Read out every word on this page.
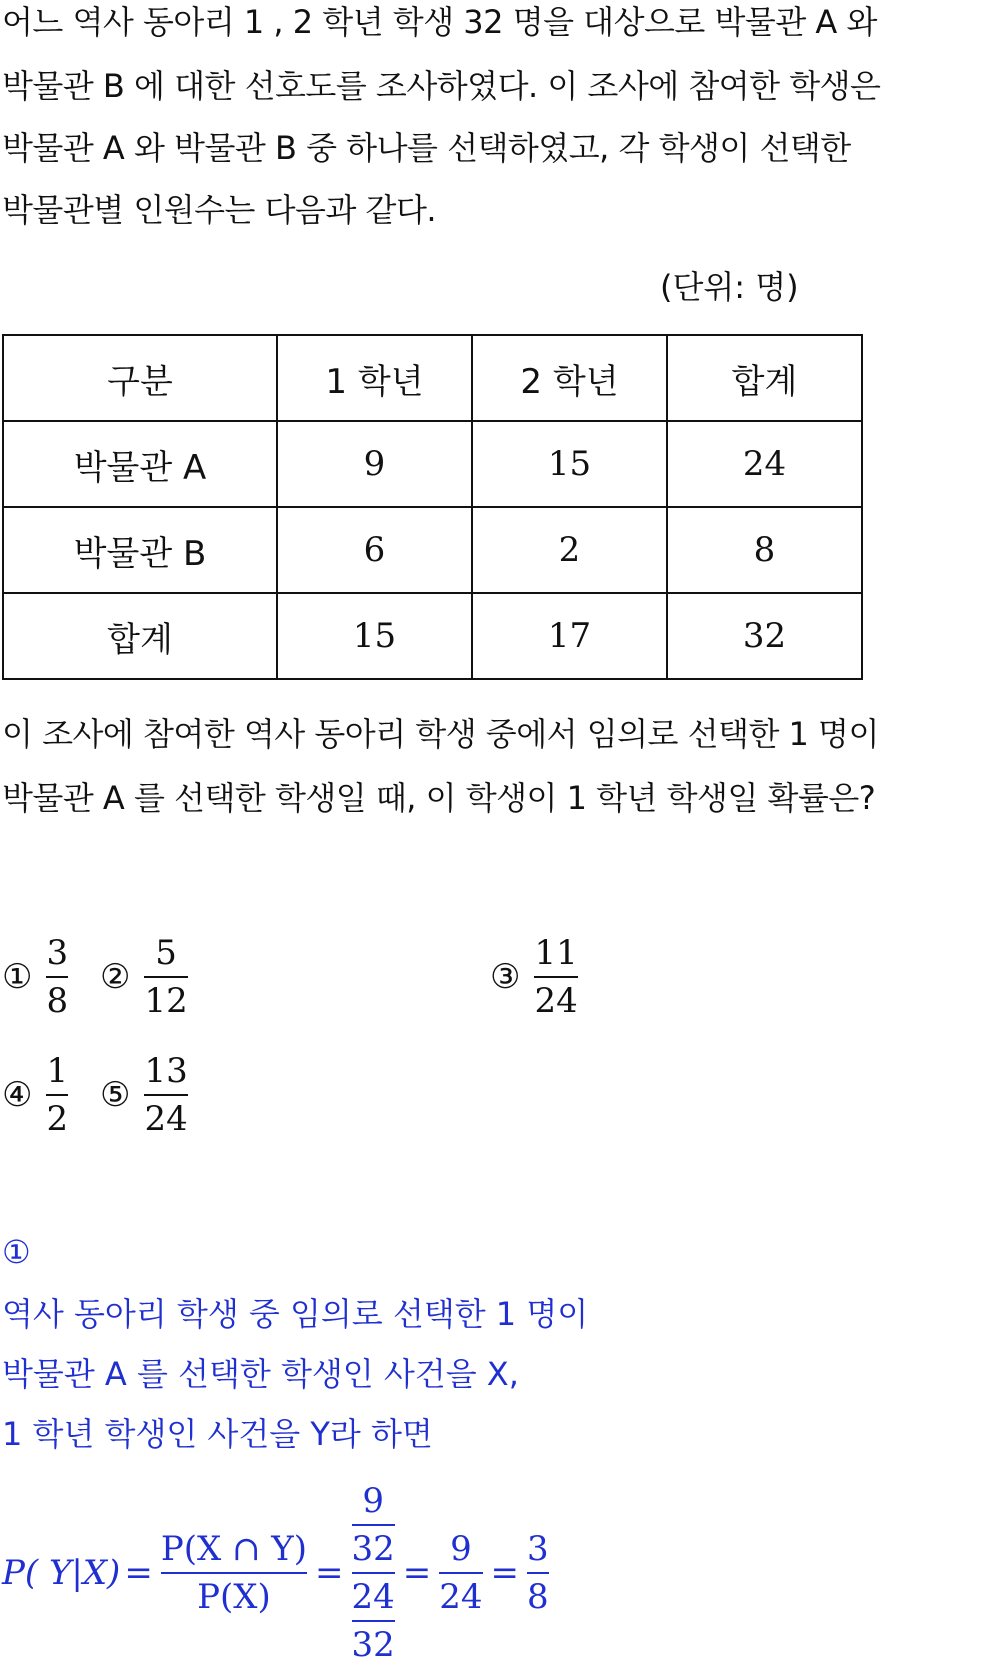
어느 역사 동아리 1 , 2 학년 학생 32 명을 대상으로 박물관 A 와
박물관 B 에 대한 선호도를 조사하였다. 이 조사에 참여한 학생은
박물관 A 와 박물관 B 중 하나를 선택하였고, 각 학생이 선택한
박물관별 인원수는 다음과 같다.
(단위: 명)
구분	1 학년	2 학년	합계
박물관 A	9	15	24
박물관 B	6	2	8
합계	15	17	32
이 조사에 참여한 역사 동아리 학생 중에서 임의로 선택한 1 명이
박물관 A 를 선택한 학생일 때, 이 학생이 1 학년 학생일 확률은?
① $\frac{3}{8}$ ② $\frac{5}{12}$	③ $\frac{11}{24}$
④ $\frac{1}{2}$ ⑤ $\frac{13}{24}$
①
역사 동아리 학생 중 임의로 선택한 1 명이
박물관 A 를 선택한 학생인 사건을 X,
1 학년 학생인 사건을 Y라 하면
P( $Y|X) = \frac{P(X \cap Y)}{P(X)} = \frac{\frac{9}{32}}{\frac{24}{32}} = \frac{9}{24} = \frac{3}{8}$
